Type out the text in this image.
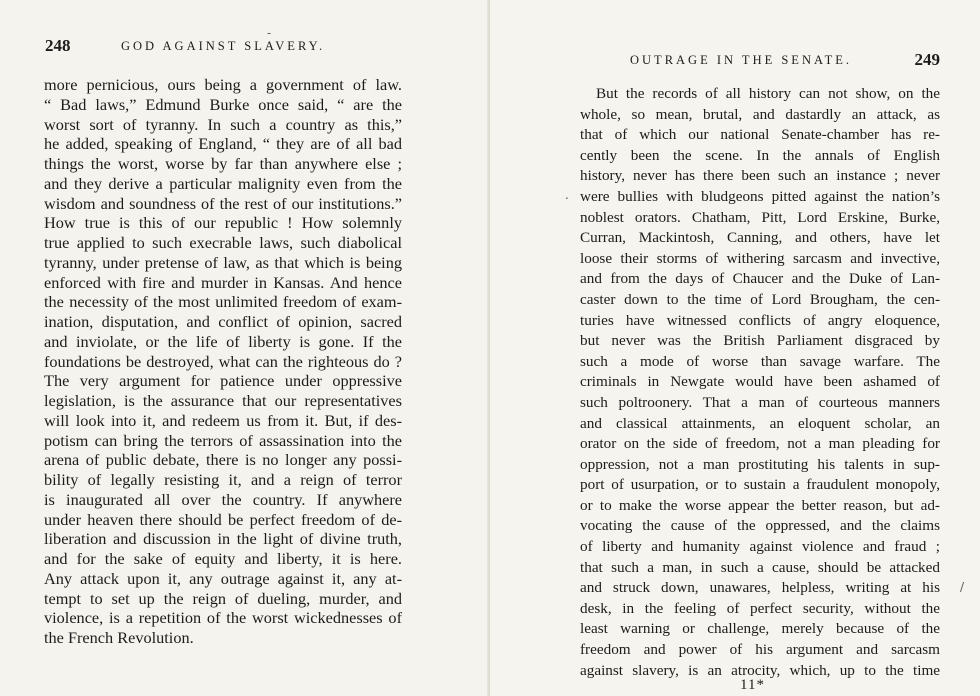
248	GOD AGAINST SLAVERY.
more pernicious, ours being a government of law.
“ Bad laws,” Edmund Burke once said, “ are the
worst sort of tyranny. In such a country as this,”
he added, speaking of England, “ they are of all bad
things the worst, worse by far than anywhere else ;
and they derive a particular malignity even from the
wisdom and soundness of the rest of our institutions.”
How true is this of our republic ! How solemnly
true applied to such execrable laws, such diabolical
tyranny, under pretense of law, as that which is being
enforced with fire and murder in Kansas. And hence
the necessity of the most unlimited freedom of exam-
ination, disputation, and conflict of opinion, sacred
and inviolate, or the life of liberty is gone. If the
foundations be destroyed, what can the righteous do ?
The very argument for patience under oppressive
legislation, is the assurance that our representatives
will look into it, and redeem us from it. But, if des-
potism can bring the terrors of assassination into the
arena of public debate, there is no longer any possi-
bility of legally resisting it, and a reign of terror
is inaugurated all over the country. If anywhere
under heaven there should be perfect freedom of de-
liberation and discussion in the light of divine truth,
and for the sake of equity and liberty, it is here.
Any attack upon it, any outrage against it, any at-
tempt to set up the reign of dueling, murder, and
violence, is a repetition of the worst wickednesses of
the French Revolution.
OUTRAGE IN THE SENATE.	249
But the records of all history can not show, on the
whole, so mean, brutal, and dastardly an attack, as
that of which our national Senate-chamber has re-
cently been the scene. In the annals of English
history, never has there been such an instance ; never
were bullies with bludgeons pitted against the nation’s
noblest orators. Chatham, Pitt, Lord Erskine, Burke,
Curran, Mackintosh, Canning, and others, have let
loose their storms of withering sarcasm and invective,
and from the days of Chaucer and the Duke of Lan-
caster down to the time of Lord Brougham, the cen-
turies have witnessed conflicts of angry eloquence,
but never was the British Parliament disgraced by
such a mode of worse than savage warfare. The
criminals in Newgate would have been ashamed of
such poltroonery. That a man of courteous manners
and classical attainments, an eloquent scholar, an
orator on the side of freedom, not a man pleading for
oppression, not a man prostituting his talents in sup-
port of usurpation, or to sustain a fraudulent monopoly,
or to make the worse appear the better reason, but ad-
vocating the cause of the oppressed, and the claims
of liberty and humanity against violence and fraud ;
that such a man, in such a cause, should be attacked
and struck down, unawares, helpless, writing at his
desk, in the feeling of perfect security, without the
least warning or challenge, merely because of the
freedom and power of his argument and sarcasm
against slavery, is an atrocity, which, up to the time
11*
-
.
/
